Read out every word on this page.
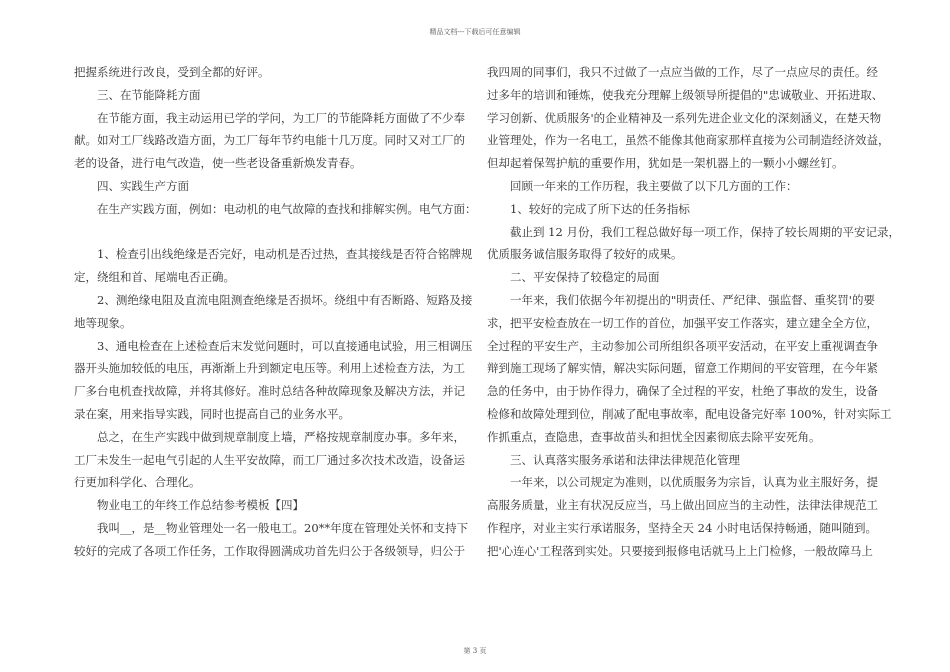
精品文档---下载后可任意编辑
把握系统进行改良，受到全都的好评。
三、在节能降耗方面
在节能方面，我主动运用已学的学问，为工厂的节能降耗方面做了不少奉
献。如对工厂线路改造方面，为工厂每年节约电能十几万度。同时又对工厂的
老的设备，进行电气改造，使一些老设备重新焕发青春。
四、实践生产方面
在生产实践方面，例如：电动机的电气故障的查找和排解实例。电气方面：
1、检查引出线绝缘是否完好，电动机是否过热，查其接线是否符合铭牌规
定，绕组和首、尾端电否正确。
2、测绝缘电阻及直流电阻测查绝缘是否损坏。绕组中有否断路、短路及接
地等现象。
3、通电检查在上述检查后末发觉问题时，可以直接通电试验，用三相调压
器开头施加较低的电压，再渐渐上升到额定电压等。利用上述检查方法，为工
厂多台电机查找故障，并将其修好。准时总结各种故障现象及解决方法，并记
录在案，用来指导实践，同时也提高自己的业务水平。
总之，在生产实践中做到规章制度上墙，严格按规章制度办事。多年来，
工厂未发生一起电气引起的人生平安故障，而工厂通过多次技术改造，设备运
行更加科学化、合理化。
物业电工的年终工作总结参考模板【四】
我叫__，是__物业管理处一名一般电工。20**年度在管理处关怀和支持下
较好的完成了各项工作任务，工作取得圆满成功首先归公于各级领导，归公于
我四周的同事们，我只不过做了一点应当做的工作，尽了一点应尽的责任。经
过多年的培训和锤炼，使我充分理解上级领导所提倡的"忠诚敬业、开拓进取、
学习创新、优质服务'的企业精神及一系列先进企业文化的深刻涵义，在楚天物
业管理处，作为一名电工，虽然不能像其他商家那样直接为公司制造经济效益，
但却起着保驾护航的重要作用，犹如是一架机器上的一颗小小螺丝钉。
回顾一年来的工作历程，我主要做了以下几方面的工作：
1、较好的完成了所下达的任务指标
截止到 12 月份，我们工程总做好每一项工作，保持了较长周期的平安记录，
优质服务诚信服务取得了较好的成果。
二、平安保持了较稳定的局面
一年来，我们依据今年初提出的"明责任、严纪律、强监督、重奖罚'的要
求，把平安检查放在一切工作的首位，加强平安工作落实，建立建全全方位，
全过程的平安生产，主动参加公司所组织各项平安活动，在平安上重视调查争
辩到施工现场了解实情，解决实际问题，留意工作期间的平安管理，在今年紧
急的任务中，由于协作得力，确保了全过程的平安，杜绝了事故的发生，设备
检修和故障处理到位，削减了配电事故率，配电设备完好率 100%，针对实际工
作抓重点，查隐患，查事故苗头和担忧全因素彻底去除平安死角。
三、认真落实服务承诺和法律法律规范化管理
一年来，以公司规定为准则，以优质服务为宗旨，认真为业主服好务，提
高服务质量，业主有状况反应当，马上做出回应当的主动性，法律法律规范工
作程序，对业主实行承诺服务，坚持全天 24 小时电话保持畅通，随叫随到。
把'心连心'工程落到实处。只要接到报修电话就马上上门检修，一般故障马上
第 3 页
